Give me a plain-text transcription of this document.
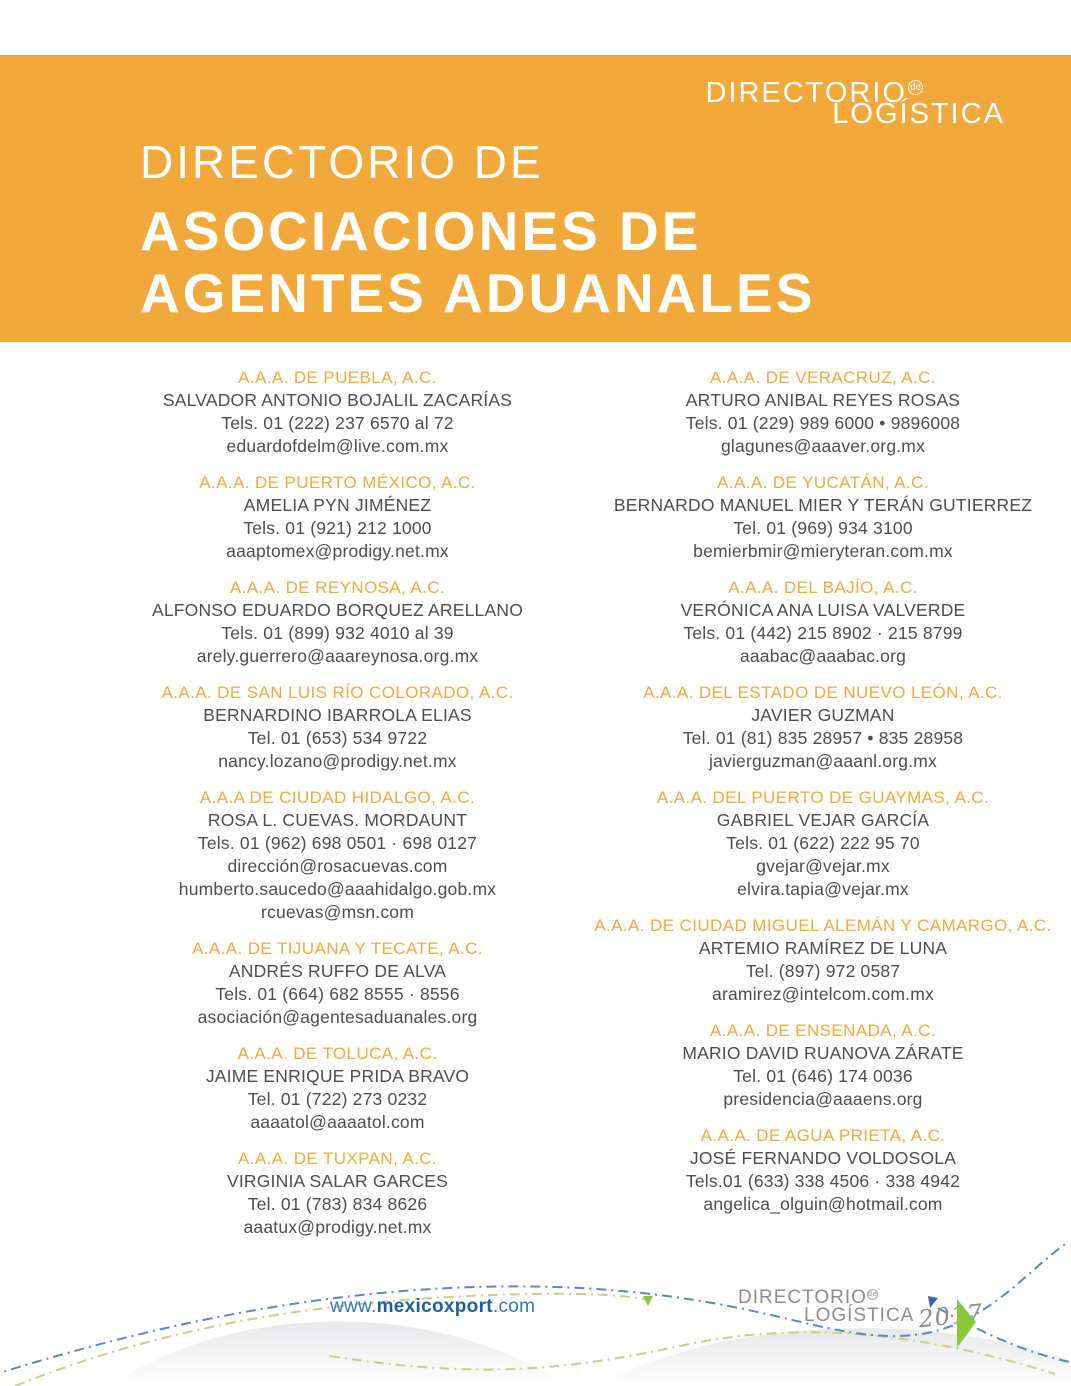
DIRECTORIO de
LOGÍSTICA
DIRECTORIO DE
ASOCIACIONES DE
AGENTES ADUANALES
A.A.A. DE PUEBLA, A.C.
SALVADOR ANTONIO BOJALIL ZACARÍAS
Tels. 01 (222) 237 6570 al 72
eduardofdelm@live.com.mx
A.A.A. DE PUERTO MÉXICO, A.C.
AMELIA PYN JIMÉNEZ
Tels. 01 (921) 212 1000
aaaptomex@prodigy.net.mx
A.A.A. DE REYNOSA, A.C.
ALFONSO EDUARDO BORQUEZ ARELLANO
Tels. 01 (899) 932 4010 al 39
arely.guerrero@aaareynosa.org.mx
A.A.A. DE SAN LUIS RÍO COLORADO, A.C.
BERNARDINO IBARROLA ELIAS
Tel. 01 (653) 534 9722
nancy.lozano@prodigy.net.mx
A.A.A DE CIUDAD HIDALGO, A.C.
ROSA L. CUEVAS. MORDAUNT
Tels. 01 (962) 698 0501 · 698 0127
dirección@rosacuevas.com
humberto.saucedo@aaahidalgo.gob.mx
rcuevas@msn.com
A.A.A. DE TIJUANA Y TECATE, A.C.
ANDRÉS RUFFO DE ALVA
Tels. 01 (664) 682 8555 · 8556
asociación@agentesaduanales.org
A.A.A. DE TOLUCA, A.C.
JAIME ENRIQUE PRIDA BRAVO
Tel. 01 (722) 273 0232
aaaatol@aaaatol.com
A.A.A. DE TUXPAN, A.C.
VIRGINIA SALAR GARCES
Tel. 01 (783) 834 8626
aaatux@prodigy.net.mx
A.A.A. DE VERACRUZ, A.C.
ARTURO ANIBAL REYES ROSAS
Tels. 01 (229) 989 6000 • 9896008
glagunes@aaaver.org.mx
A.A.A. DE YUCATÁN, A.C.
BERNARDO MANUEL MIER Y TERÁN GUTIERREZ
Tel. 01 (969) 934 3100
bemierbmir@mieryteran.com.mx
A.A.A. DEL BAJÍO, A.C.
VERÓNICA ANA LUISA VALVERDE
Tels. 01 (442) 215 8902 · 215 8799
aaabac@aaabac.org
A.A.A. DEL ESTADO DE NUEVO LEÓN, A.C.
JAVIER GUZMAN
Tel. 01 (81) 835 28957 • 835 28958
javierguzman@aaanl.org.mx
A.A.A. DEL PUERTO DE GUAYMAS, A.C.
GABRIEL VEJAR GARCÍA
Tels. 01 (622) 222 95 70
gvejar@vejar.mx
elvira.tapia@vejar.mx
A.A.A. DE CIUDAD MIGUEL ALEMÁN Y CAMARGO, A.C.
ARTEMIO RAMÍREZ DE LUNA
Tel. (897) 972 0587
aramirez@intelcom.com.mx
A.A.A. DE ENSENADA, A.C.
MARIO DAVID RUANOVA ZÁRATE
Tel. 01 (646) 174 0036
presidencia@aaaens.org
A.A.A. DE AGUA PRIETA, A.C.
JOSÉ FERNANDO VOLDOSOLA
Tels.01 (633) 338 4506 · 338 4942
angelica_olguin@hotmail.com
www.mexicoxport.com	DIRECTORIOde
LOGÍSTICA 2017
